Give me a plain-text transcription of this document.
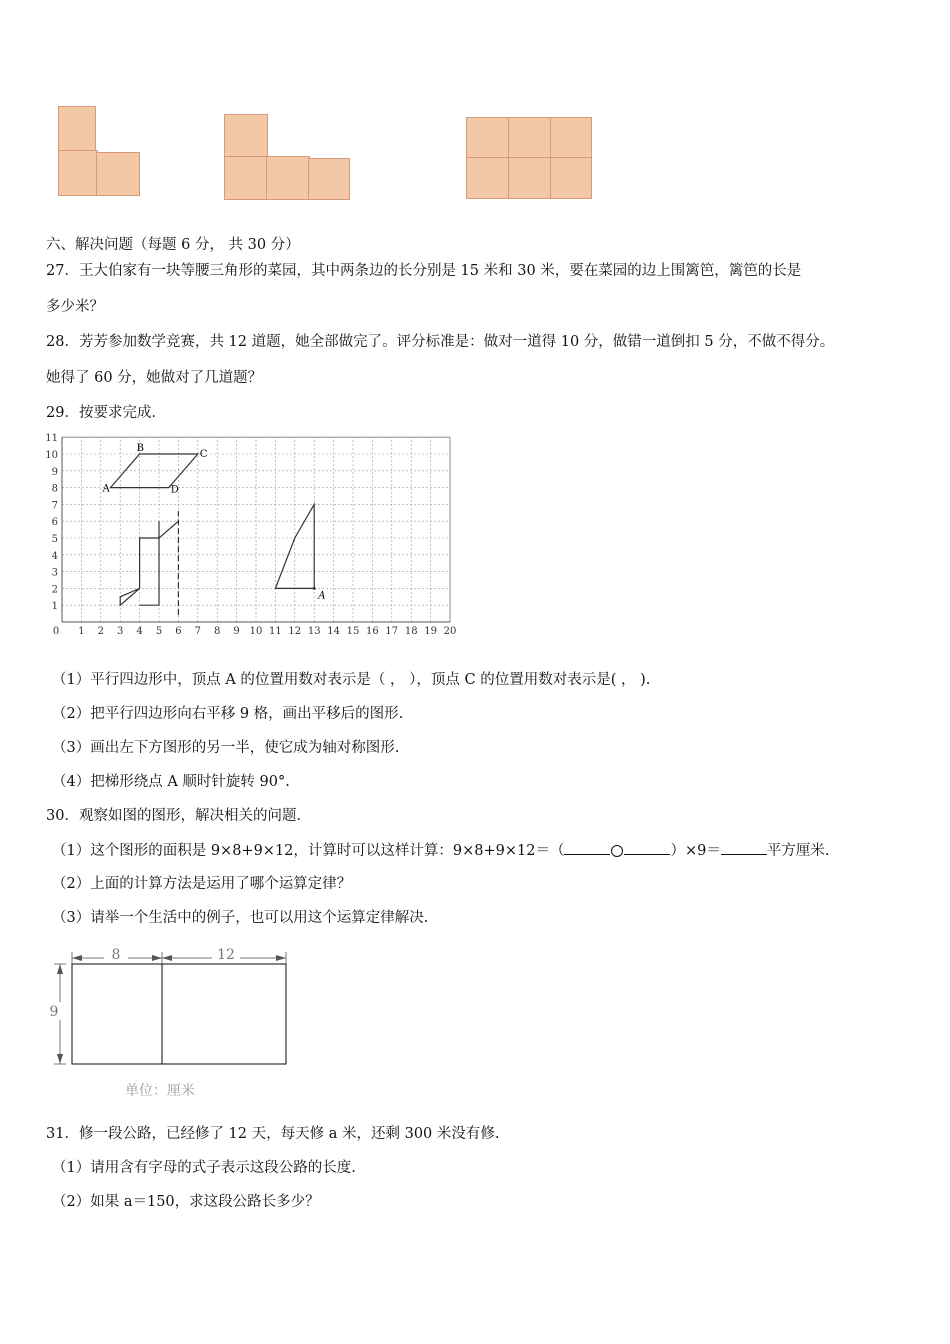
六、解决问题（每题 6 分， 共 30 分）
27．王大伯家有一块等腰三角形的菜园，其中两条边的长分别是 15 米和 30 米，要在菜园的边上围篱笆，篱笆的长是
多少米？
28．芳芳参加数学竞赛，共 12 道题，她全部做完了。评分标准是：做对一道得 10 分，做错一道倒扣 5 分，不做不得分。
她得了 60 分，她做对了几道题？
29．按要求完成．
0 1 2 3 4 5 6 7 8 9 10 11 12 13 14 15 16 17 18 19 20
1
2
3
4
5
6
7
8
9
10
11
A
B
C
D
A
（1）平行四边形中，顶点 A 的位置用数对表示是（ ， ），顶点 C 的位置用数对表示是( ， ).
（2）把平行四边形向右平移 9 格，画出平移后的图形.
（3）画出左下方图形的另一半，使它成为轴对称图形.
（4）把梯形绕点 A 顺时针旋转 90°.
30．观察如图的图形，解决相关的问题．
（1）这个图形的面积是 9×8+9×12，计算时可以这样计算：9×8+9×12＝（	）×9＝	平方厘米.
（2）上面的计算方法是运用了哪个运算定律？
（3）请举一个生活中的例子，也可以用这个运算定律解决.
8	12
9
单位：厘米
31．修一段公路，已经修了 12 天，每天修 a 米，还剩 300 米没有修.
（1）请用含有字母的式子表示这段公路的长度.
（2）如果 a＝150，求这段公路长多少？
